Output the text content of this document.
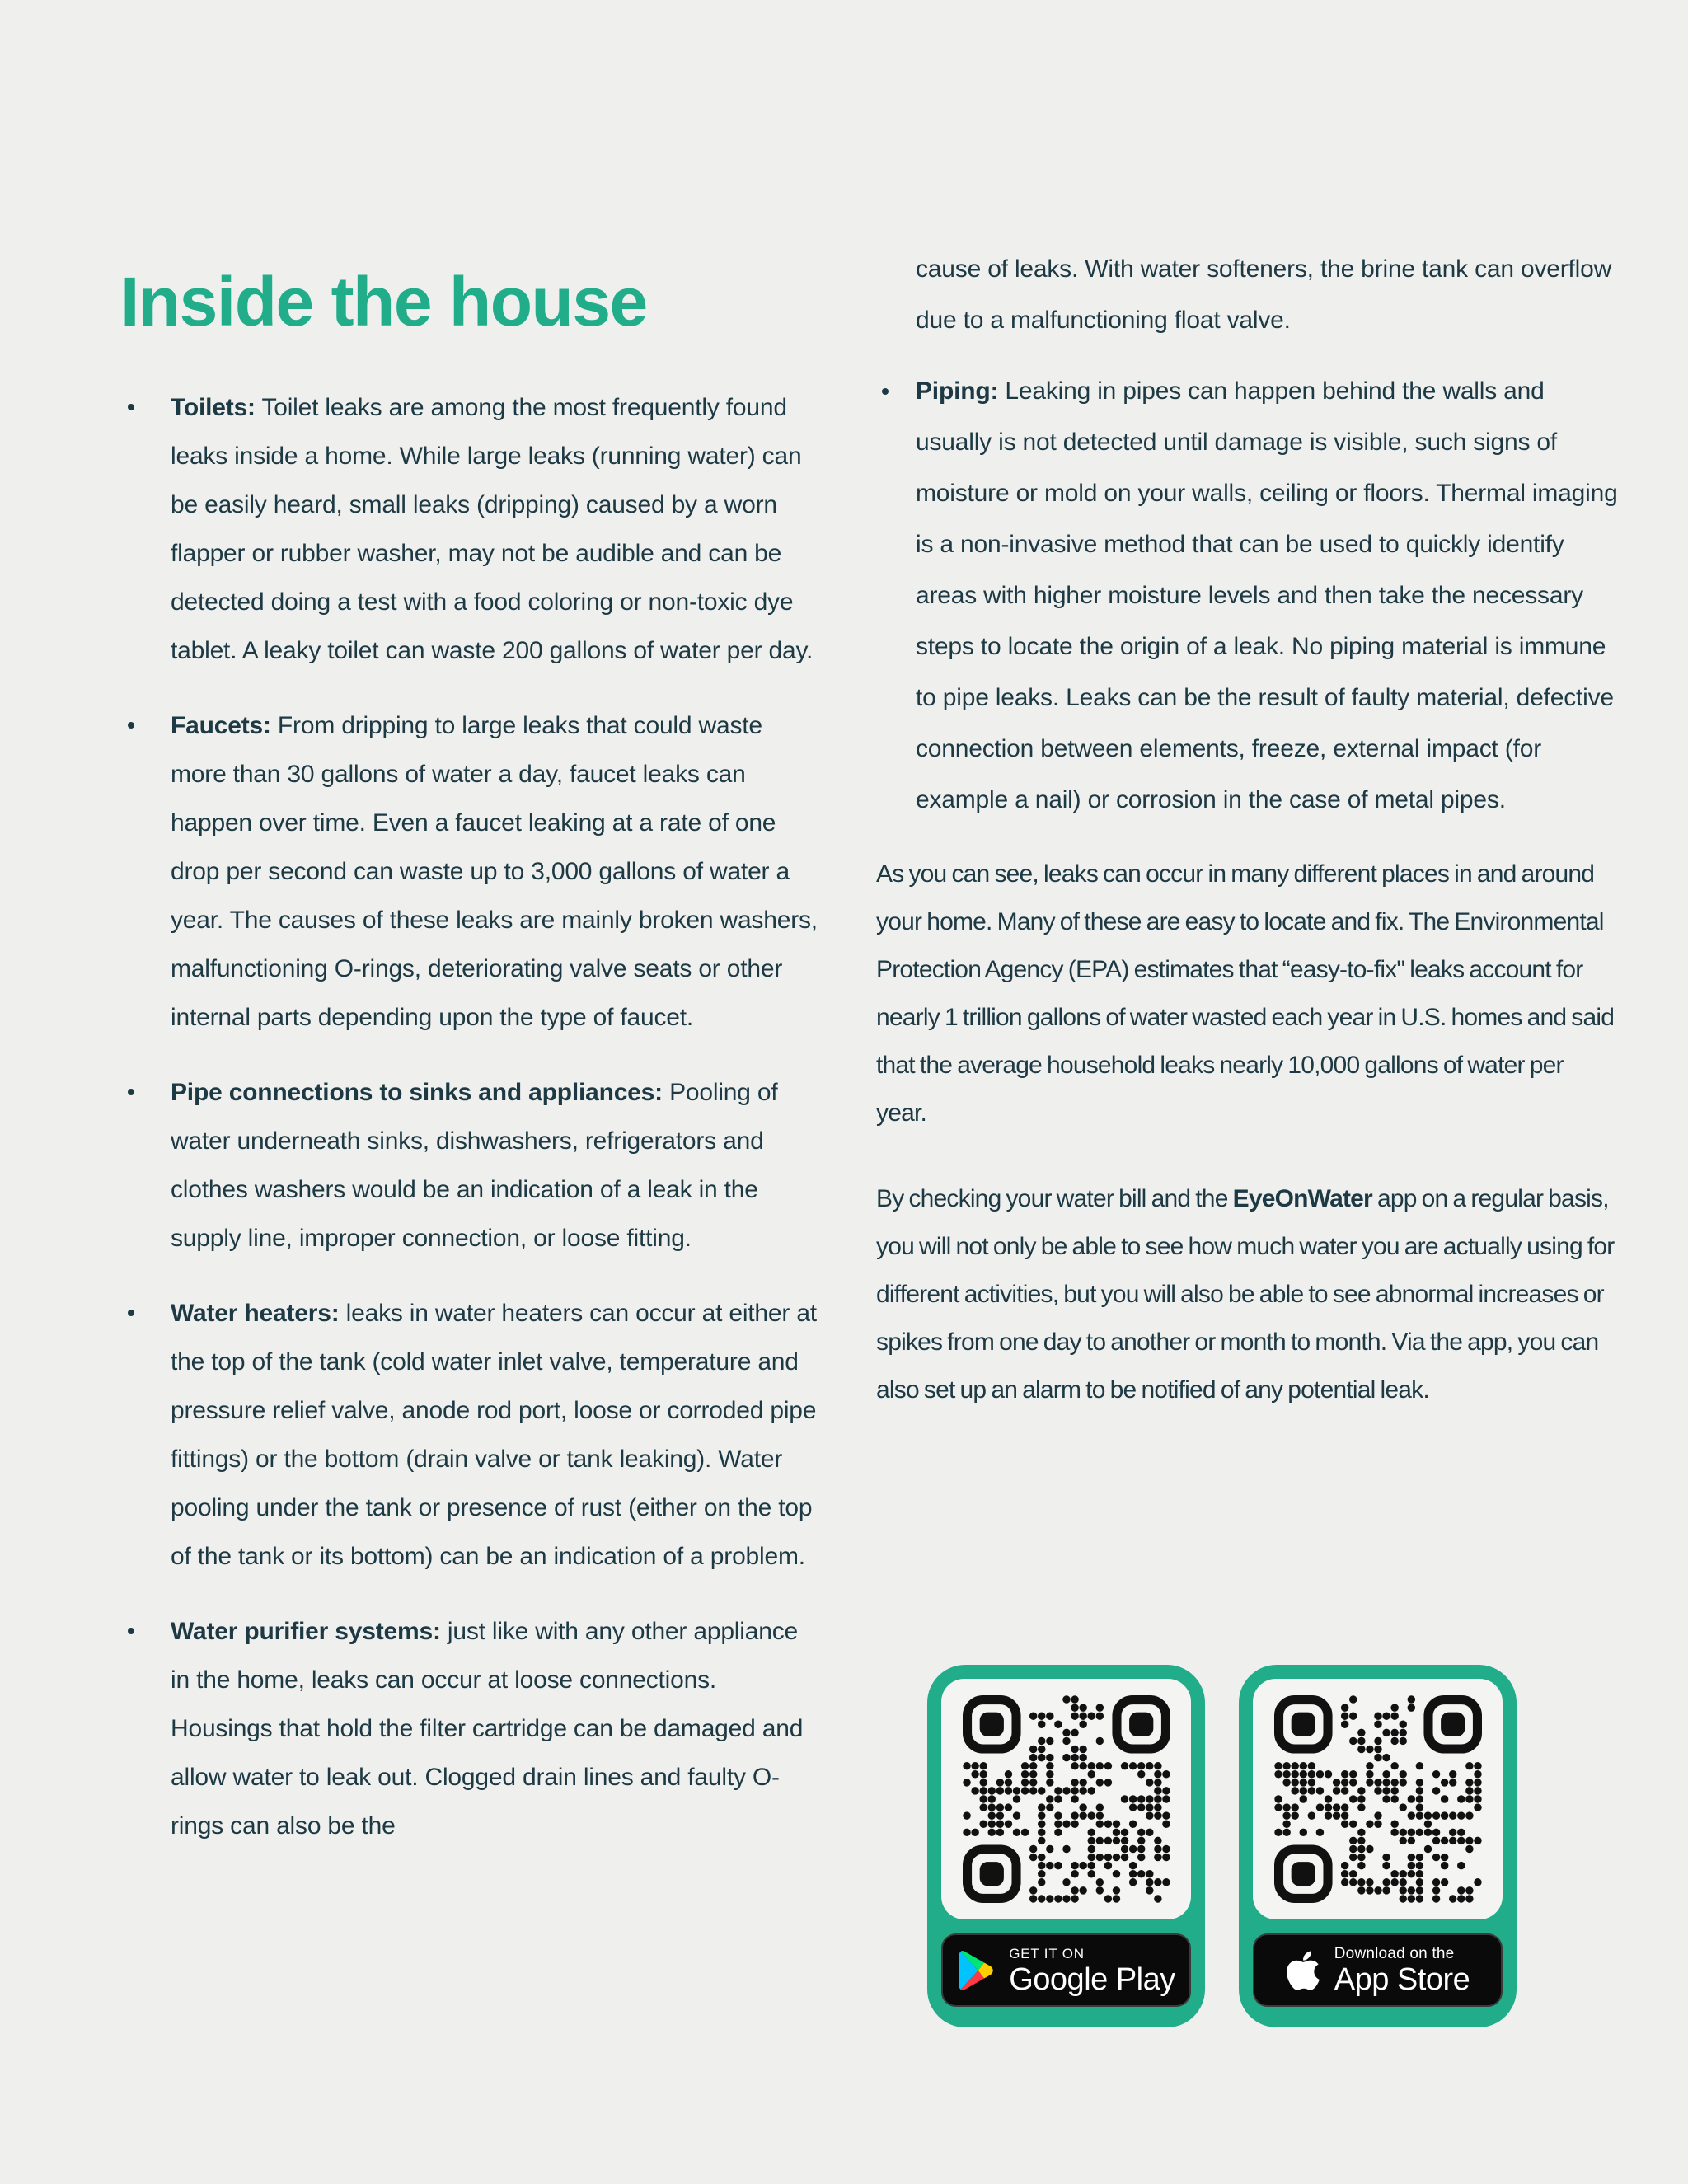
Inside the house
Toilets: Toilet leaks are among the most frequently found leaks inside a home. While large leaks (running water) can be easily heard, small leaks (dripping) caused by a worn flapper or rubber washer, may not be audible and can be detected doing a test with a food coloring or non-toxic dye tablet. A leaky toilet can waste 200 gallons of water per day.
Faucets: From dripping to large leaks that could waste more than 30 gallons of water a day, faucet leaks can happen over time. Even a faucet leaking at a rate of one drop per second can waste up to 3,000 gallons of water a year. The causes of these leaks are mainly broken washers, malfunctioning O-rings, deteriorating valve seats or other internal parts depending upon the type of faucet.
Pipe connections to sinks and appliances: Pooling of water underneath sinks, dishwashers, refrigerators and clothes washers would be an indication of a leak in the supply line, improper connection, or loose fitting.
Water heaters: leaks in water heaters can occur at either at the top of the tank (cold water inlet valve, temperature and pressure relief valve, anode rod port, loose or corroded pipe fittings) or the bottom (drain valve or tank leaking). Water pooling under the tank or presence of rust (either on the top of the tank or its bottom) can be an indication of a problem.
Water purifier systems: just like with any other appliance in the home, leaks can occur at loose connections. Housings that hold the filter cartridge can be damaged and allow water to leak out. Clogged drain lines and faulty O-rings can also be the

cause of leaks. With water softeners, the brine tank can overflow due to a malfunctioning float valve.

Piping: Leaking in pipes can happen behind the walls and usually is not detected until damage is visible, such signs of moisture or mold on your walls, ceiling or floors. Thermal imaging is a non-invasive method that can be used to quickly identify areas with higher moisture levels and then take the necessary steps to locate the origin of a leak. No piping material is immune to pipe leaks. Leaks can be the result of faulty material, defective connection between elements, freeze, external impact (for example a nail) or corrosion in the case of metal pipes.

As you can see, leaks can occur in many different places in and around your home. Many of these are easy to locate and fix. The Environmental Protection Agency (EPA) estimates that “easy-to-fix" leaks account for nearly 1 trillion gallons of water wasted each year in U.S. homes and said that the average household leaks nearly 10,000 gallons of water per year.

By checking your water bill and the EyeOnWater app on a regular basis, you will not only be able to see how much water you are actually using for different activities, but you will also be able to see abnormal increases or spikes from one day to another or month to month. Via the app, you can also set up an alarm to be notified of any potential leak.

GET IT ON
Google Play
Download on the
App Store
